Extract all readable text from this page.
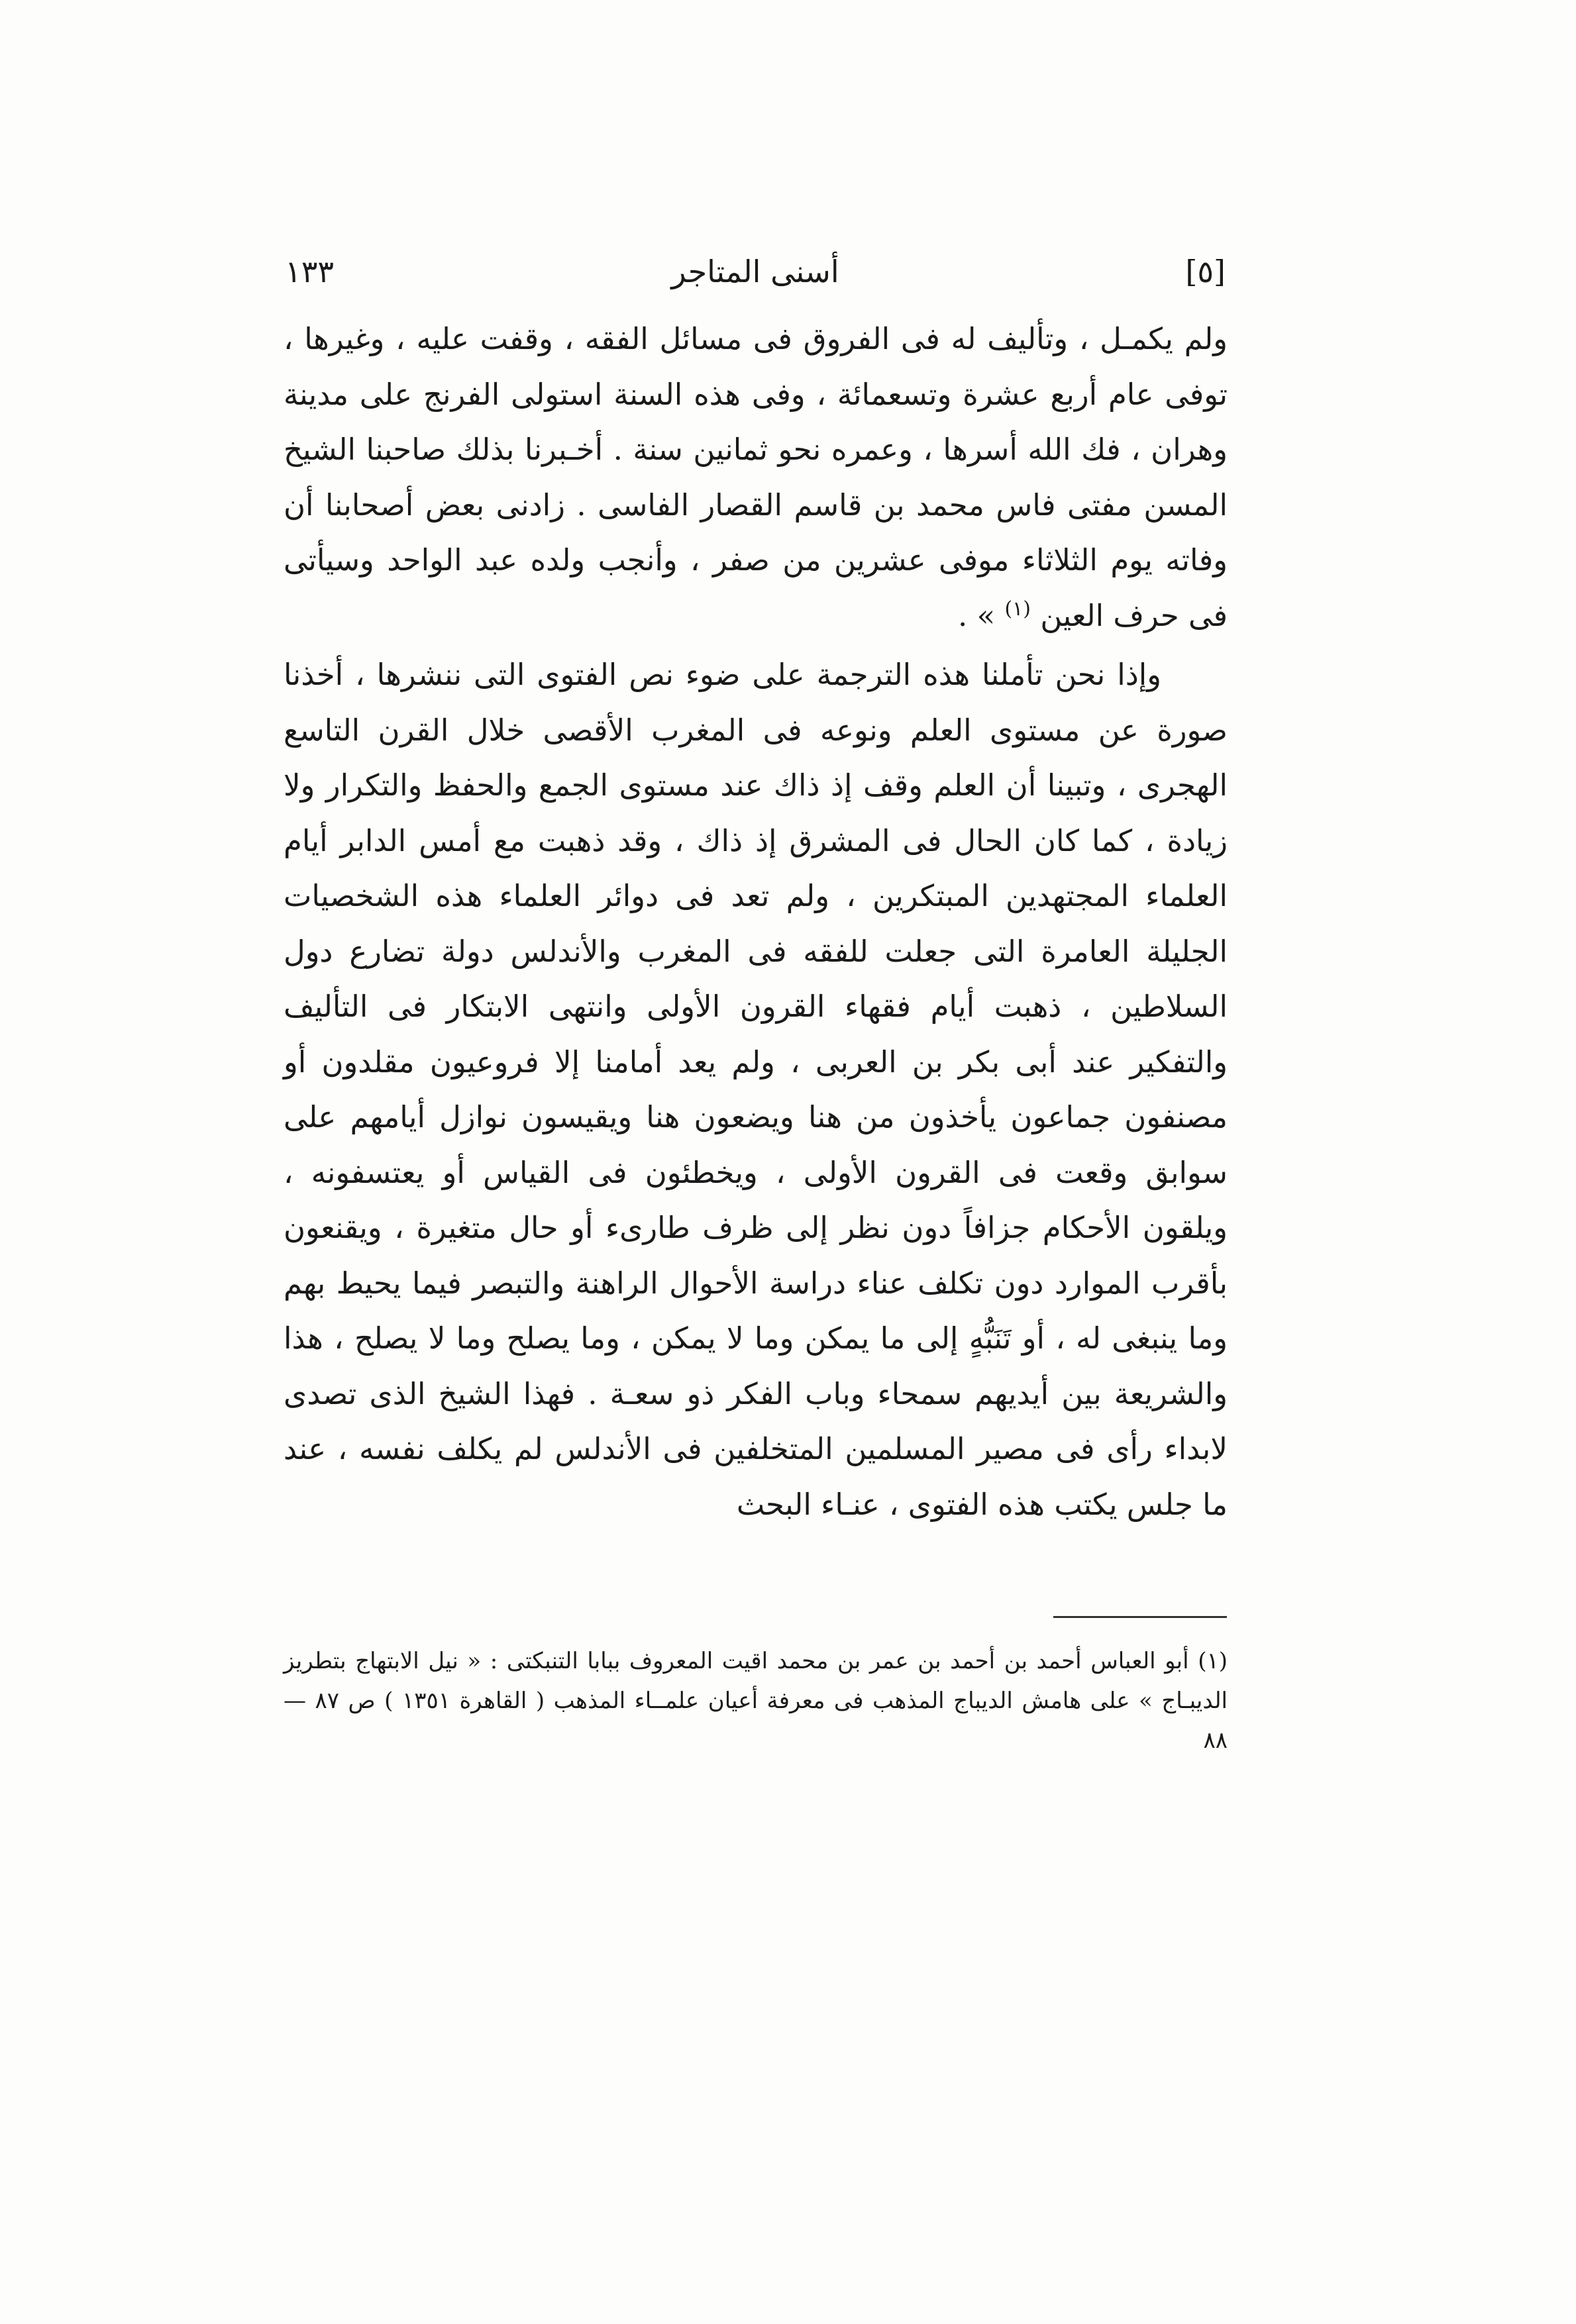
١٣٣	أسنى المتاجر	[٥]

ولم يكمـل ، وتأليف له فى الفروق فى مسائل الفقه ، وقفت عليه ، وغيرها ، توفى عام أربع عشرة وتسعمائة ، وفى هذه السنة استولى الفرنج على مدينة وهران ، فك الله أسرها ، وعمره نحو ثمانين سنة . أخـبرنا بذلك صاحبنا الشيخ المسن مفتى فاس محمد بن قاسم القصار الفاسى . زادنى بعض أصحابنا أن وفاته يوم الثلاثاء موفى عشرين من صفر ، وأنجب ولده عبد الواحد وسيأتى فى حرف العين $^{(١)}$ » .

وإذا نحن تأملنا هذه الترجمة على ضوء نص الفتوى التى ننشرها ، أخذنا صورة عن مستوى العلم ونوعه فى المغرب الأقصى خلال القرن التاسع الهجرى ، وتبينا أن العلم وقف إذ ذاك عند مستوى الجمع والحفظ والتكرار ولا زيادة ، كما كان الحال فى المشرق إذ ذاك ، وقد ذهبت مع أمس الدابر أيام العلماء المجتهدين المبتكرين ، ولم تعد فى دوائر العلماء هذه الشخصيات الجليلة العامرة التى جعلت للفقه فى المغرب والأندلس دولة تضارع دول السلاطين ، ذهبت أيام فقهاء القرون الأولى وانتهى الابتكار فى التأليف والتفكير عند أبى بكر بن العربى ، ولم يعد أمامنا إلا فروعيون مقلدون أو مصنفون جماعون يأخذون من هنا ويضعون هنا ويقيسون نوازل أيامهم على سوابق وقعت فى القرون الأولى ، ويخطئون فى القياس أو يعتسفونه ، ويلقون الأحكام جزافاً دون نظر إلى ظرف طارىء أو حال متغيرة ، ويقنعون بأقرب الموارد دون تكلف عناء دراسة الأحوال الراهنة والتبصر فيما يحيط بهم وما ينبغى له ، أو تَنَبُّهٍ إلى ما يمكن وما لا يمكن ، وما يصلح وما لا يصلح ، هذا والشريعة بين أيديهم سمحاء وباب الفكر ذو سعـة . فهذا الشيخ الذى تصدى لابداء رأى فى مصير المسلمين المتخلفين فى الأندلس لم يكلف نفسه ، عند ما جلس يكتب هذه الفتوى ، عنـاء البحث

(١) أبو العباس أحمد بن أحمد بن عمر بن محمد اقيت المعروف ببابا التنبكتى : « نيل الابتهاج بتطريز الديبـاج » على هامش الديباج المذهب فى معرفة أعيان علمــاء المذهب ( القاهرة ١٣٥١ ) ص ٨٧ — ٨٨
